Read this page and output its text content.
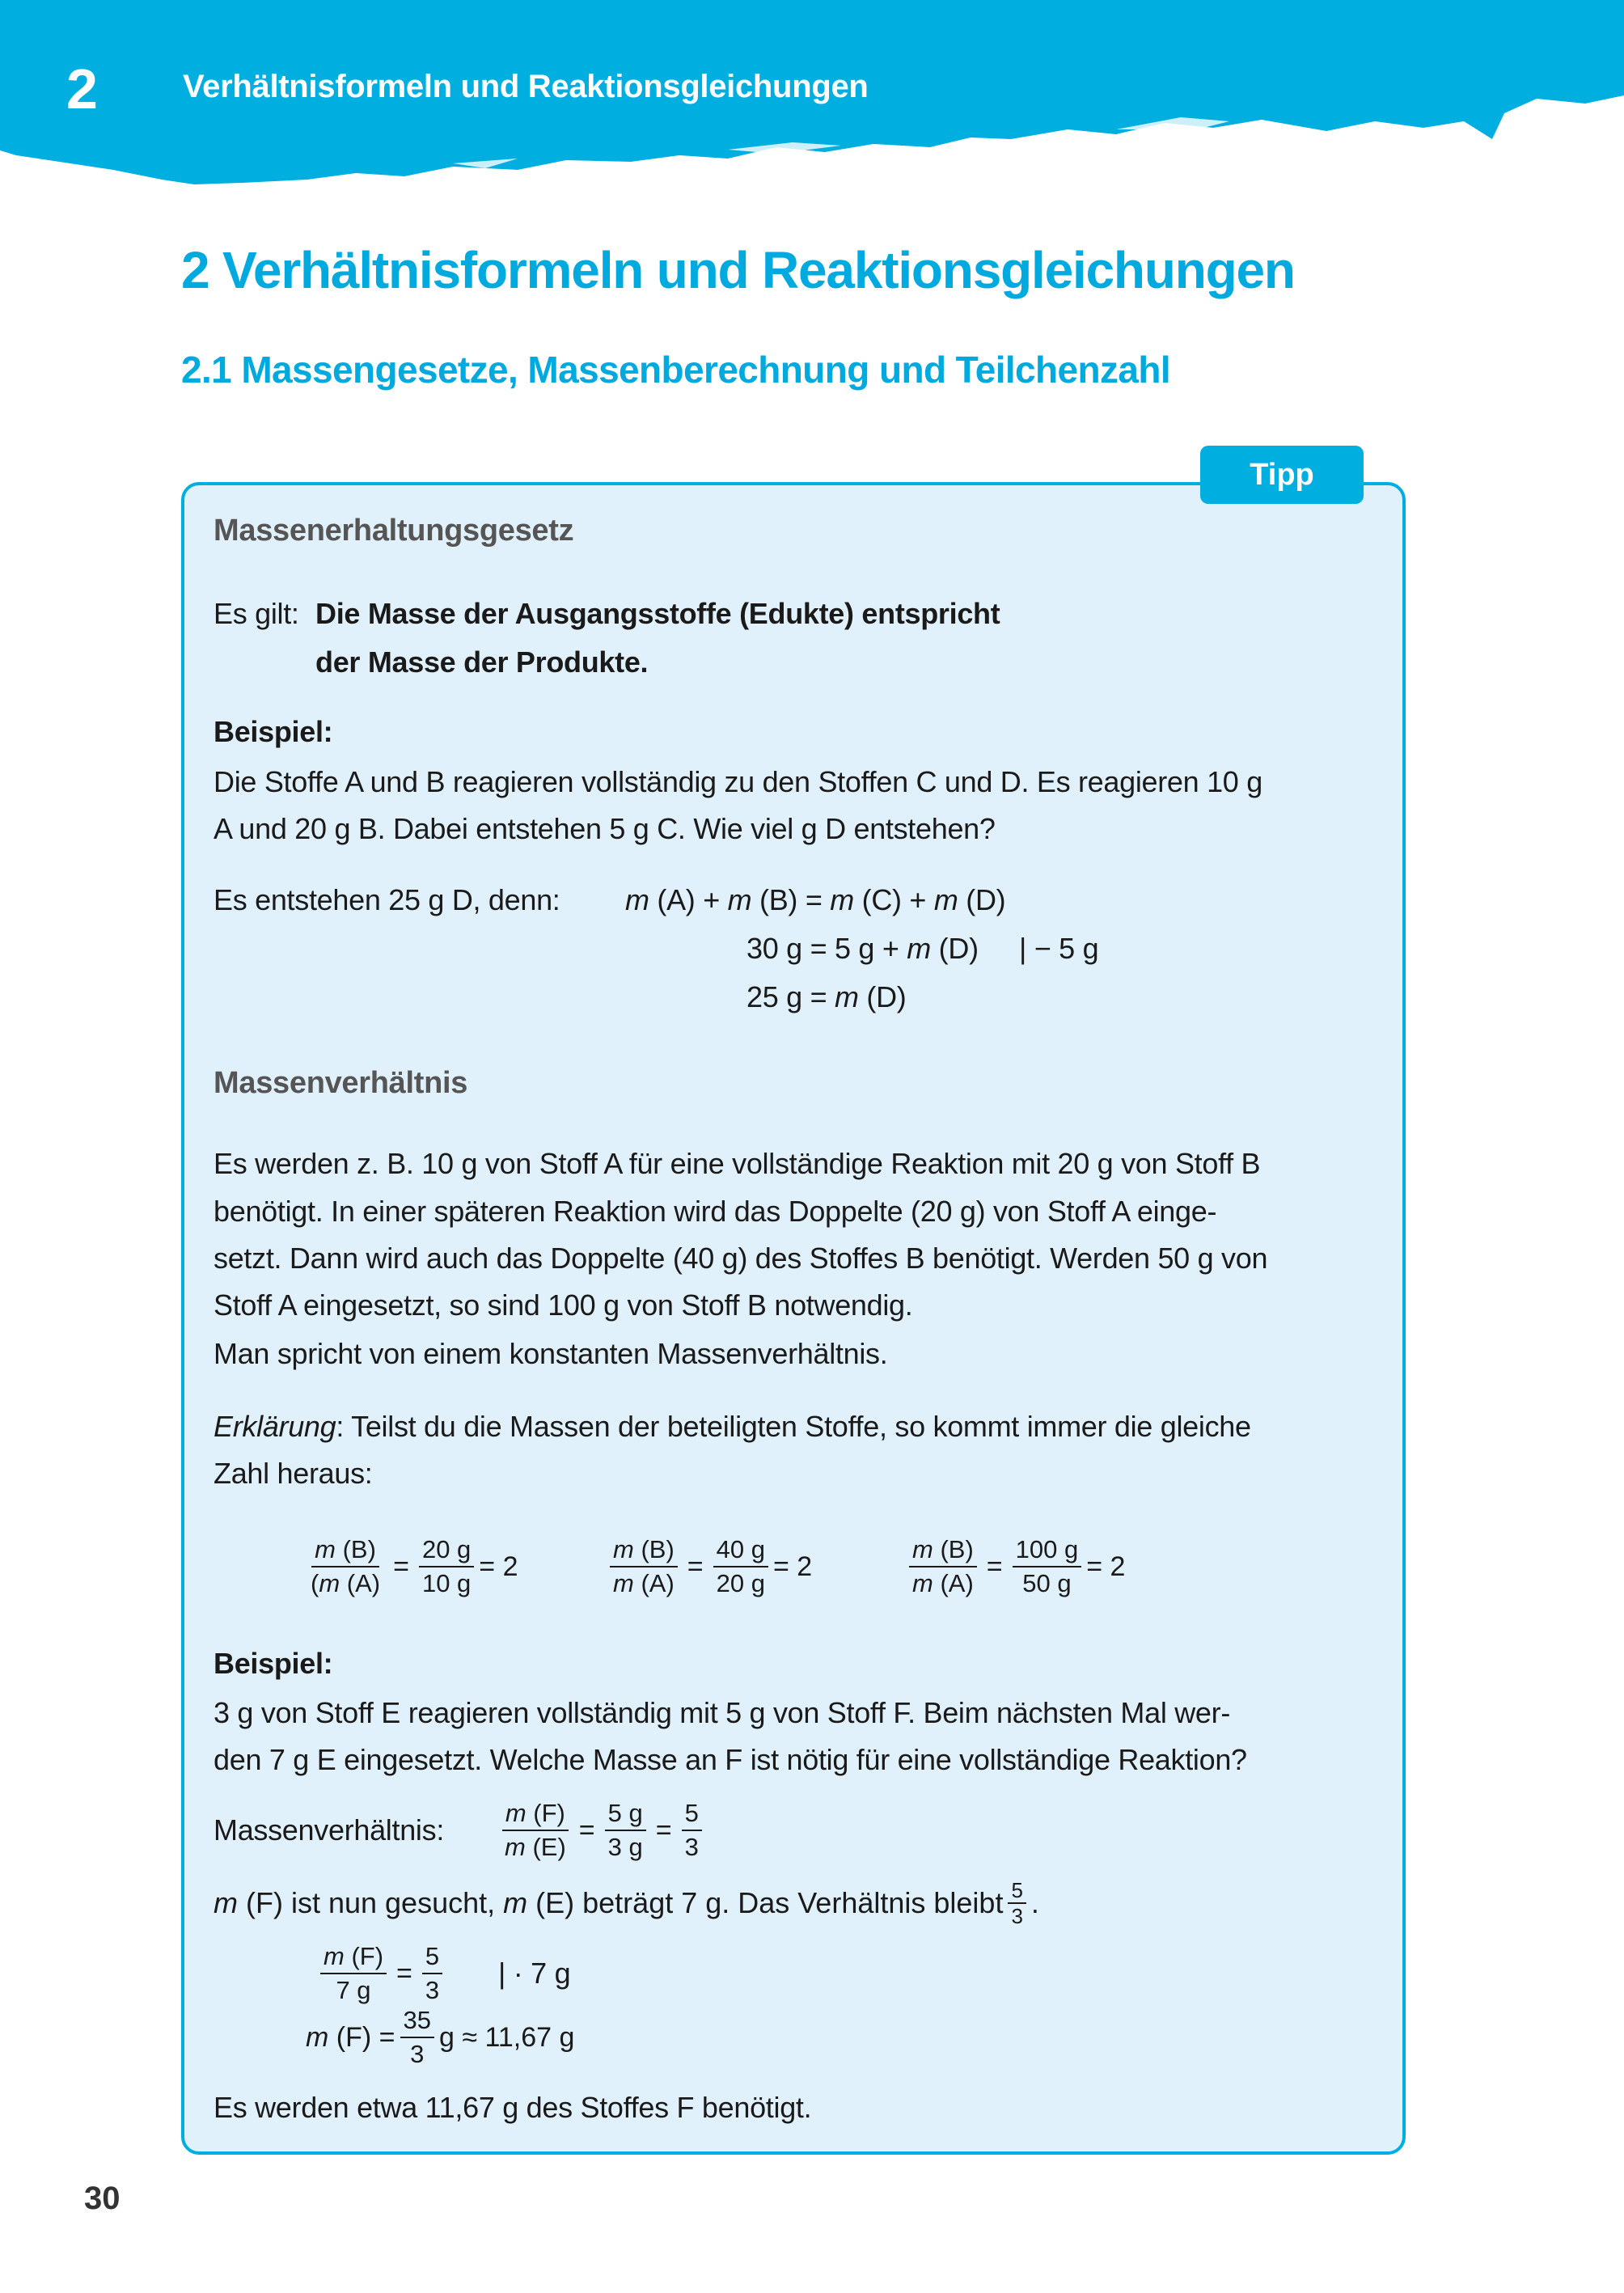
2	Verhältnisformeln und Reaktionsgleichungen
2 Verhältnisformeln und Reaktionsgleichungen
2.1 Massengesetze, Massenberechnung und Teilchenzahl
Tipp
Massenerhaltungsgesetz
Es gilt: Die Masse der Ausgangsstoffe (Edukte) entspricht
der Masse der Produkte.
Beispiel:
Die Stoffe A und B reagieren vollständig zu den Stoffen C und D. Es reagieren 10 g
A und 20 g B. Dabei entstehen 5 g C. Wie viel g D entstehen?
Es entstehen 25 g D, denn: m (A) + m (B) = m (C) + m (D)
30 g = 5 g + m (D) | − 5 g
25 g = m (D)
Massenverhältnis
Es werden z. B. 10 g von Stoff A für eine vollständige Reaktion mit 20 g von Stoff B
benötigt. In einer späteren Reaktion wird das Doppelte (20 g) von Stoff A einge-
setzt. Dann wird auch das Doppelte (40 g) des Stoffes B benötigt. Werden 50 g von
Stoff A eingesetzt, so sind 100 g von Stoff B notwendig.
Man spricht von einem konstanten Massenverhältnis.
Erklärung: Teilst du die Massen der beteiligten Stoffe, so kommt immer die gleiche
Zahl heraus:
$\frac{m (B)}{(m (A)} = \frac{20 g}{10 g} = 2$	$\frac{m (B)}{m (A)} = \frac{40 g}{20 g} = 2$	$\frac{m (B)}{m (A)} = \frac{100 g}{50 g} = 2$
Beispiel:
3 g von Stoff E reagieren vollständig mit 5 g von Stoff F. Beim nächsten Mal wer-
den 7 g E eingesetzt. Welche Masse an F ist nötig für eine vollständige Reaktion?
Massenverhältnis: $\frac{m (F)}{m (E)} = \frac{5 g}{3 g} = \frac{5}{3}$
m (F) ist nun gesucht, m (E) beträgt 7 g. Das Verhältnis bleibt $\frac{5}{3}$ .
$\frac{m (F)}{7 g} = \frac{5}{3}$ | · 7 g
m $(F) = \frac{35}{3}$ g ≈ 11,67 g
Es werden etwa 11,67 g des Stoffes F benötigt.
30
